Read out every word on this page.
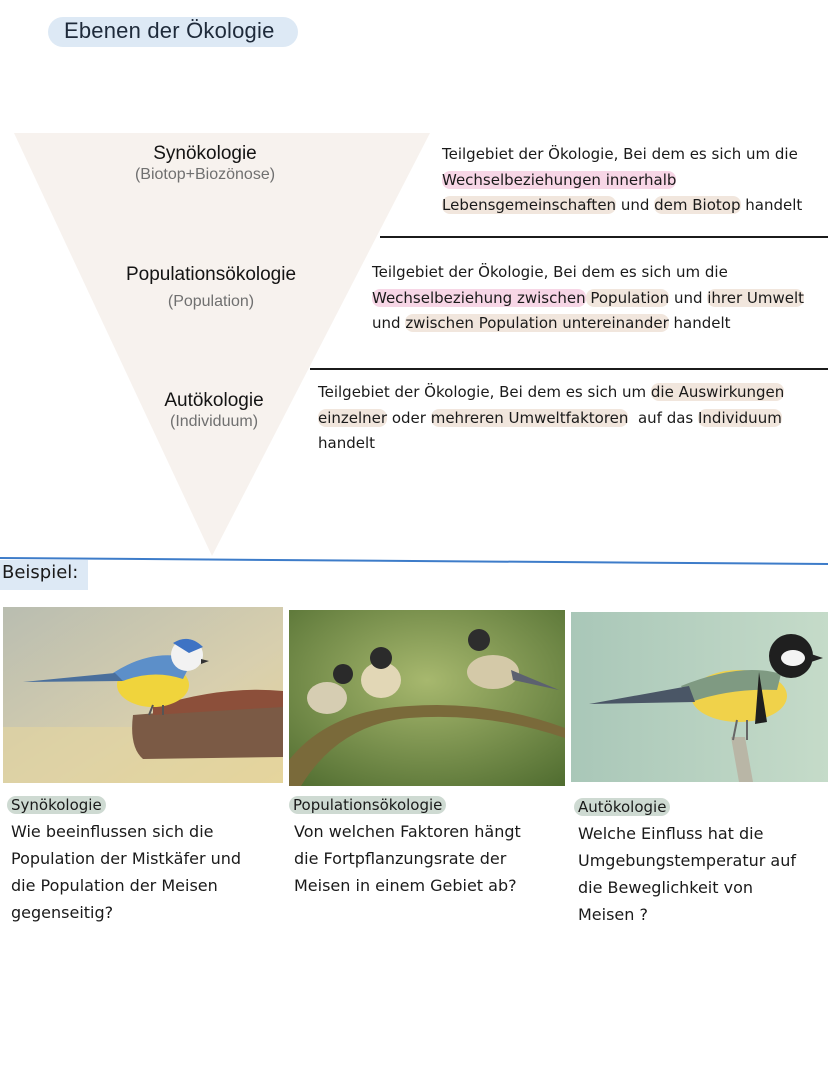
Ebenen der Ökologie
Synökologie
(Biotop+Biozönose)
Teilgebiet der Ökologie, Bei dem es sich um die
Wechselbeziehungen innerhalb
Lebensgemeinschaften und dem Biotop handelt
Populationsökologie
(Population)
Teilgebiet der Ökologie, Bei dem es sich um die
Wechselbeziehung zwischen Population und ihrer Umwelt
und zwischen Population untereinander handelt
Autökologie
(Individuum)
Teilgebiet der Ökologie, Bei dem es sich um die Auswirkungen
einzelner oder mehreren Umweltfaktoren  auf das Individuum
handelt
Beispiel:
Synökologie
Wie beeinflussen sich die
Population der Mistkäfer und
die Population der Meisen
gegenseitig?
Populationsökologie
Von welchen Faktoren hängt
die Fortpflanzungsrate der
Meisen in einem Gebiet ab?
Autökologie
Welche Einfluss hat die
Umgebungstemperatur auf
die Beweglichkeit von
Meisen ?
